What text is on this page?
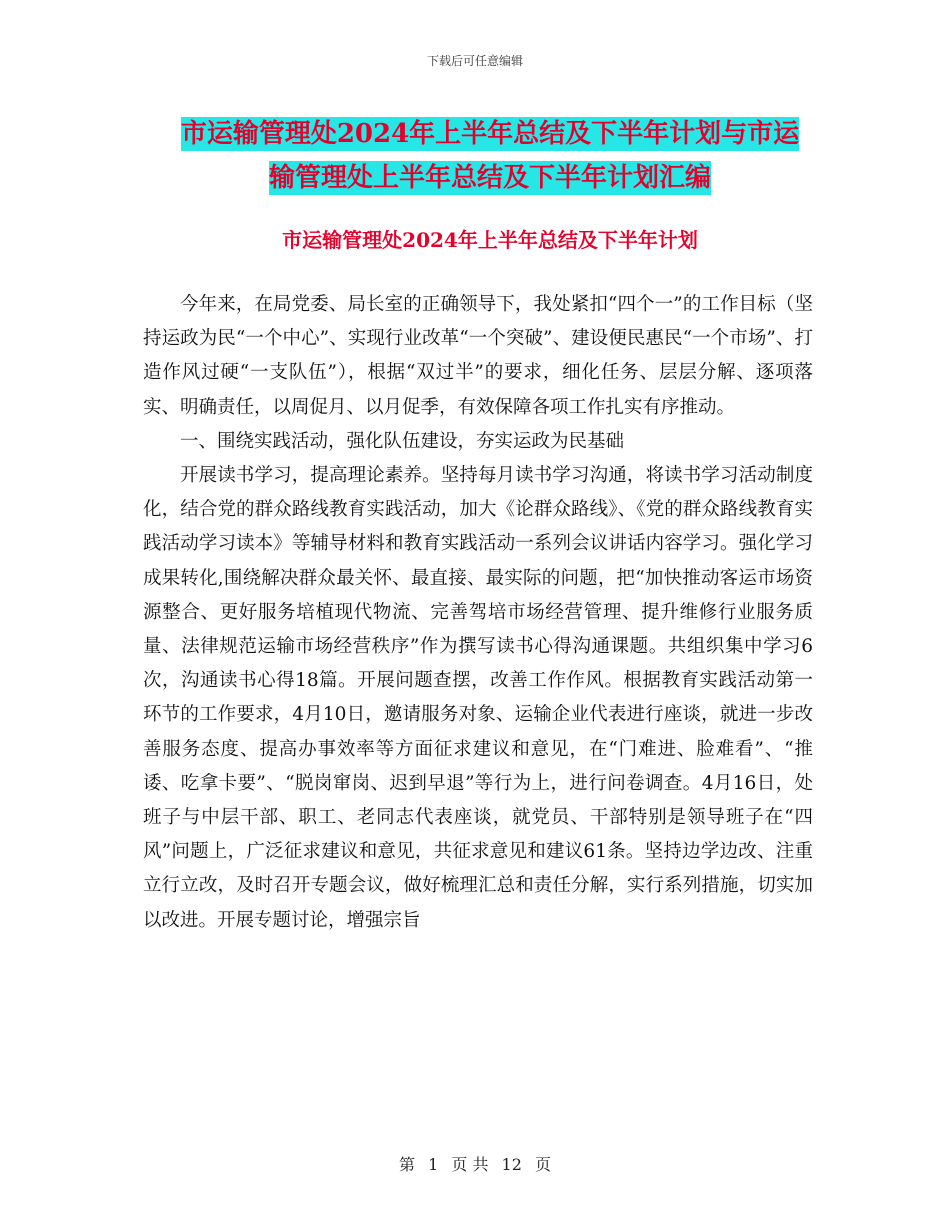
下载后可任意编辑
市运输管理处2024年上半年总结及下半年计划与市运
输管理处上半年总结及下半年计划汇编
市运输管理处2024年上半年总结及下半年计划

今年来，在局党委、局长室的正确领导下，我处紧扣“四个一”的工作目标（坚持运政为民“一个中心”、实现行业改革“一个突破”、建设便民惠民“一个市场”、打造作风过硬“一支队伍”），根据“双过半”的要求，细化任务、层层分解、逐项落实、明确责任，以周促月、以月促季，有效保障各项工作扎实有序推动。

一、围绕实践活动，强化队伍建设，夯实运政为民基础

开展读书学习，提高理论素养。坚持每月读书学习沟通，将读书学习活动制度化，结合党的群众路线教育实践活动，加大《论群众路线》、《党的群众路线教育实践活动学习读本》等辅导材料和教育实践活动一系列会议讲话内容学习。强化学习成果转化,围绕解决群众最关怀、最直接、最实际的问题，把“加快推动客运市场资源整合、更好服务培植现代物流、完善驾培市场经营管理、提升维修行业服务质量、法律规范运输市场经营秩序”作为撰写读书心得沟通课题。共组织集中学习6次，沟通读书心得18篇。开展问题查摆，改善工作作风。根据教育实践活动第一环节的工作要求，4月10日，邀请服务对象、运输企业代表进行座谈，就进一步改善服务态度、提高办事效率等方面征求建议和意见，在“门难进、脸难看”、“推诿、吃拿卡要”、“脱岗窜岗、迟到早退”等行为上，进行问卷调查。4月16日，处班子与中层干部、职工、老同志代表座谈，就党员、干部特别是领导班子在“四风”问题上，广泛征求建议和意见，共征求意见和建议61条。坚持边学边改、注重立行立改，及时召开专题会议，做好梳理汇总和责任分解，实行系列措施，切实加以改进。开展专题讨论，增强宗旨

第 1 页 共 12 页
